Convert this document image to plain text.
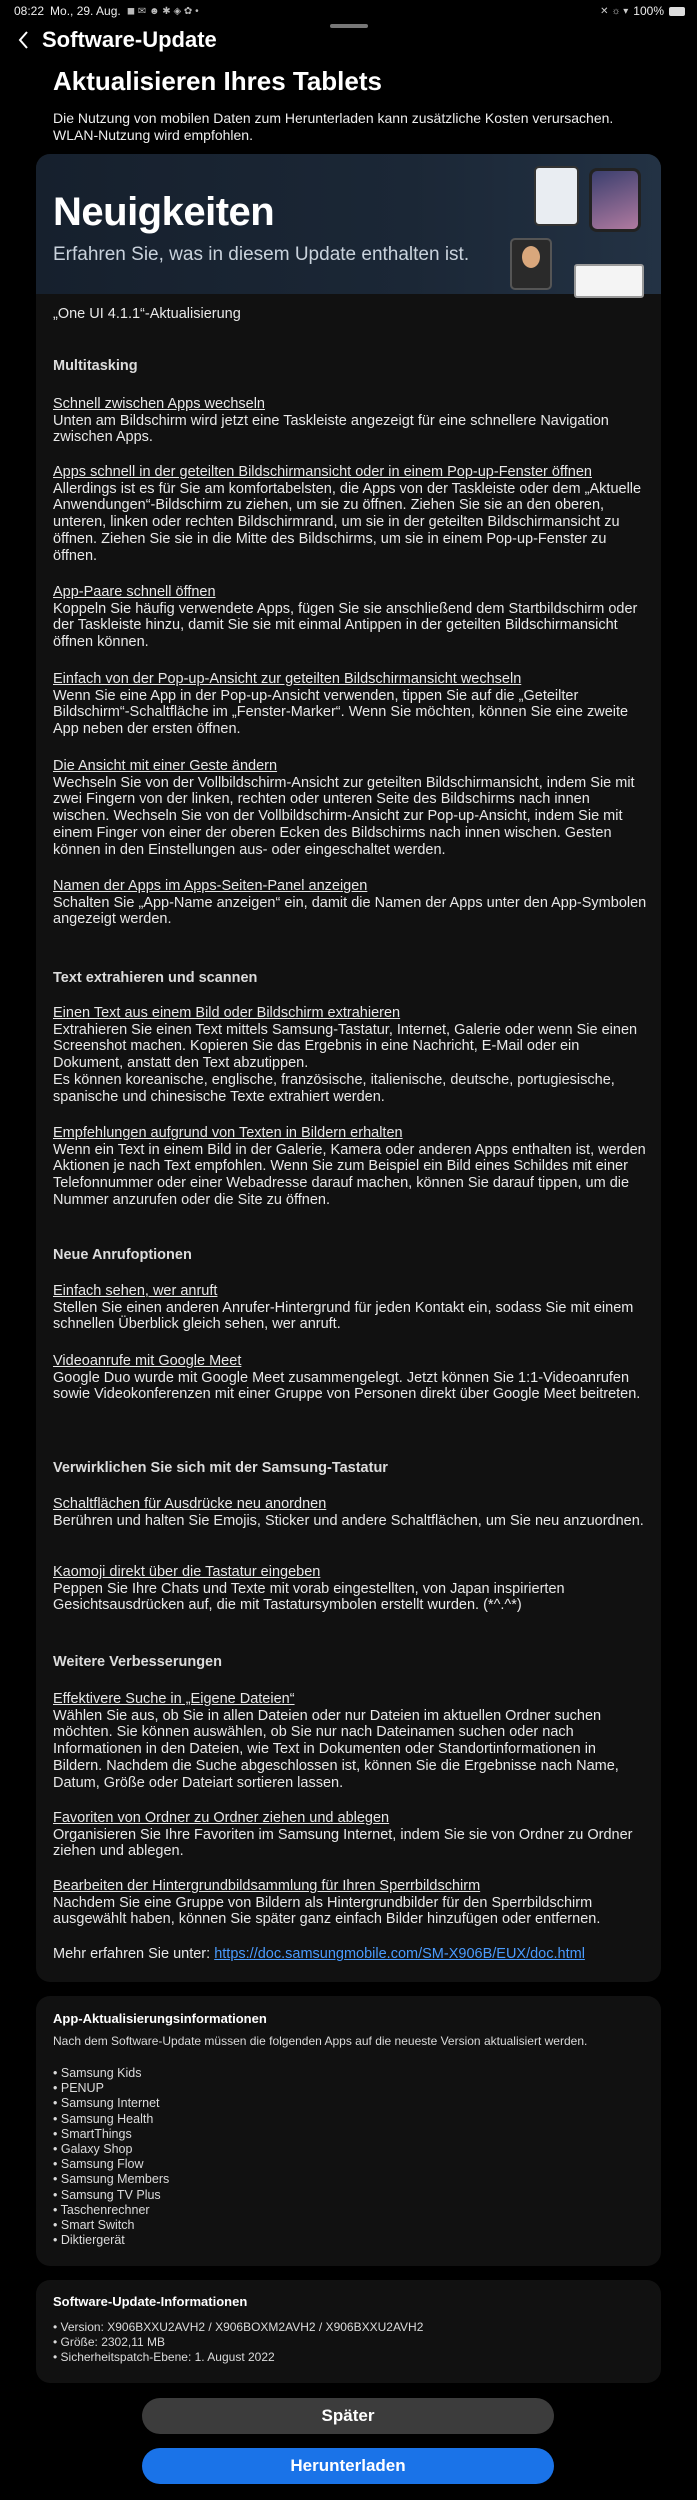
08:22 Mo., 29. Aug. ◼ ✉ ☻ ✱ ◈ ✿ •	✕ ☼ ▾ 100%
Software-Update
Aktualisieren Ihres Tablets
Die Nutzung von mobilen Daten zum Herunterladen kann zusätzliche Kosten verursachen. WLAN-Nutzung wird empfohlen.
Neuigkeiten
Erfahren Sie, was in diesem Update enthalten ist.
„One UI 4.1.1“-Aktualisierung
Multitasking
Schnell zwischen Apps wechseln
Unten am Bildschirm wird jetzt eine Taskleiste angezeigt für eine schnellere Navigation zwischen Apps.
Apps schnell in der geteilten Bildschirmansicht oder in einem Pop-up-Fenster öffnen
Allerdings ist es für Sie am komfortabelsten, die Apps von der Taskleiste oder dem „Aktuelle Anwendungen“-Bildschirm zu ziehen, um sie zu öffnen. Ziehen Sie sie an den oberen, unteren, linken oder rechten Bildschirmrand, um sie in der geteilten Bildschirmansicht zu öffnen. Ziehen Sie sie in die Mitte des Bildschirms, um sie in einem Pop-up-Fenster zu öffnen.
App-Paare schnell öffnen
Koppeln Sie häufig verwendete Apps, fügen Sie sie anschließend dem Startbildschirm oder der Taskleiste hinzu, damit Sie sie mit einmal Antippen in der geteilten Bildschirmansicht öffnen können.
Einfach von der Pop-up-Ansicht zur geteilten Bildschirmansicht wechseln
Wenn Sie eine App in der Pop-up-Ansicht verwenden, tippen Sie auf die „Geteilter Bildschirm“-Schaltfläche im „Fenster-Marker“. Wenn Sie möchten, können Sie eine zweite App neben der ersten öffnen.
Die Ansicht mit einer Geste ändern
Wechseln Sie von der Vollbildschirm-Ansicht zur geteilten Bildschirmansicht, indem Sie mit zwei Fingern von der linken, rechten oder unteren Seite des Bildschirms nach innen wischen. Wechseln Sie von der Vollbildschirm-Ansicht zur Pop-up-Ansicht, indem Sie mit einem Finger von einer der oberen Ecken des Bildschirms nach innen wischen. Gesten können in den Einstellungen aus- oder eingeschaltet werden.
Namen der Apps im Apps-Seiten-Panel anzeigen
Schalten Sie „App-Name anzeigen“ ein, damit die Namen der Apps unter den App-Symbolen angezeigt werden.
Text extrahieren und scannen
Einen Text aus einem Bild oder Bildschirm extrahieren
Extrahieren Sie einen Text mittels Samsung-Tastatur, Internet, Galerie oder wenn Sie einen Screenshot machen. Kopieren Sie das Ergebnis in eine Nachricht, E-Mail oder ein Dokument, anstatt den Text abzutippen.
Es können koreanische, englische, französische, italienische, deutsche, portugiesische, spanische und chinesische Texte extrahiert werden.
Empfehlungen aufgrund von Texten in Bildern erhalten
Wenn ein Text in einem Bild in der Galerie, Kamera oder anderen Apps enthalten ist, werden Aktionen je nach Text empfohlen. Wenn Sie zum Beispiel ein Bild eines Schildes mit einer Telefonnummer oder einer Webadresse darauf machen, können Sie darauf tippen, um die Nummer anzurufen oder die Site zu öffnen.
Neue Anrufoptionen
Einfach sehen, wer anruft
Stellen Sie einen anderen Anrufer-Hintergrund für jeden Kontakt ein, sodass Sie mit einem schnellen Überblick gleich sehen, wer anruft.
Videoanrufe mit Google Meet
Google Duo wurde mit Google Meet zusammengelegt. Jetzt können Sie 1:1-Videoanrufen sowie Videokonferenzen mit einer Gruppe von Personen direkt über Google Meet beitreten.
Verwirklichen Sie sich mit der Samsung-Tastatur
Schaltflächen für Ausdrücke neu anordnen
Berühren und halten Sie Emojis, Sticker und andere Schaltflächen, um Sie neu anzuordnen.
Kaomoji direkt über die Tastatur eingeben
Peppen Sie Ihre Chats und Texte mit vorab eingestellten, von Japan inspirierten Gesichtsausdrücken auf, die mit Tastatursymbolen erstellt wurden. (*^.^*)
Weitere Verbesserungen
Effektivere Suche in „Eigene Dateien“
Wählen Sie aus, ob Sie in allen Dateien oder nur Dateien im aktuellen Ordner suchen möchten. Sie können auswählen, ob Sie nur nach Dateinamen suchen oder nach Informationen in den Dateien, wie Text in Dokumenten oder Standortinformationen in Bildern. Nachdem die Suche abgeschlossen ist, können Sie die Ergebnisse nach Name, Datum, Größe oder Dateiart sortieren lassen.
Favoriten von Ordner zu Ordner ziehen und ablegen
Organisieren Sie Ihre Favoriten im Samsung Internet, indem Sie sie von Ordner zu Ordner ziehen und ablegen.
Bearbeiten der Hintergrundbildsammlung für Ihren Sperrbildschirm
Nachdem Sie eine Gruppe von Bildern als Hintergrundbilder für den Sperrbildschirm ausgewählt haben, können Sie später ganz einfach Bilder hinzufügen oder entfernen.
Mehr erfahren Sie unter: https://doc.samsungmobile.com/SM-X906B/EUX/doc.html
App-Aktualisierungsinformationen
Nach dem Software-Update müssen die folgenden Apps auf die neueste Version aktualisiert werden.
• Samsung Kids
• PENUP
• Samsung Internet
• Samsung Health
• SmartThings
• Galaxy Shop
• Samsung Flow
• Samsung Members
• Samsung TV Plus
• Taschenrechner
• Smart Switch
• Diktiergerät
Software-Update-Informationen
• Version: X906BXXU2AVH2 / X906BOXM2AVH2 / X906BXXU2AVH2
• Größe: 2302,11 MB
• Sicherheitspatch-Ebene: 1. August 2022
Später
Herunterladen
